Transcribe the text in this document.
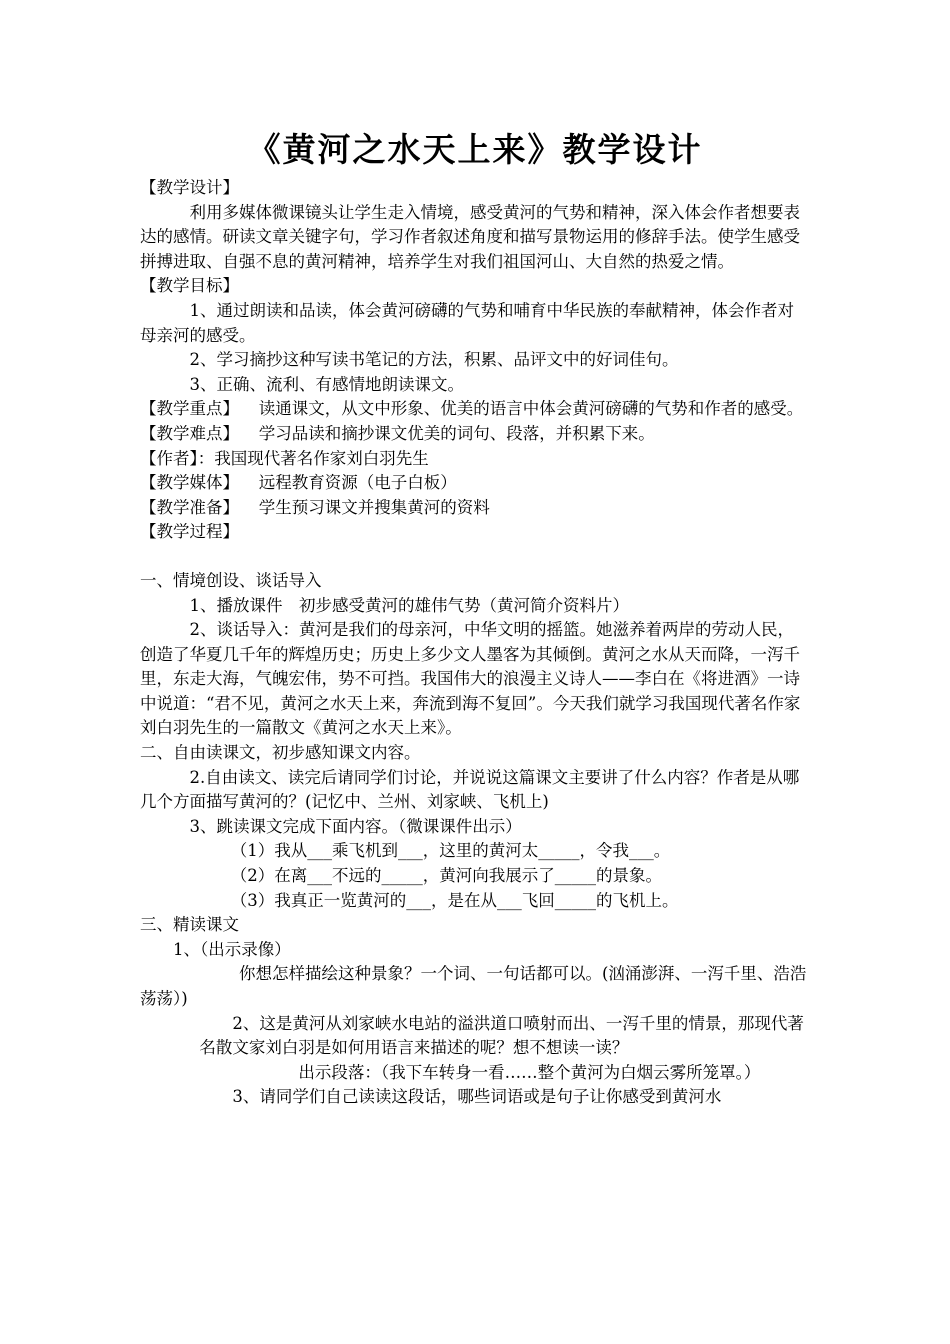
《黄河之水天上来》教学设计

【教学设计】

利用多媒体微课镜头让学生走入情境，感受黄河的气势和精神，深入体会作者想要表达的感情。研读文章关键字句，学习作者叙述角度和描写景物运用的修辞手法。使学生感受拼搏进取、自强不息的黄河精神，培养学生对我们祖国河山、大自然的热爱之情。

【教学目标】

1、通过朗读和品读，体会黄河磅礴的气势和哺育中华民族的奉献精神，体会作者对母亲河的感受。

2、学习摘抄这种写读书笔记的方法，积累、品评文中的好词佳句。

3、正确、流利、有感情地朗读课文。

【教学重点】 读通课文，从文中形象、优美的语言中体会黄河磅礴的气势和作者的感受。

【教学难点】 学习品读和摘抄课文优美的词句、段落，并积累下来。

【作者】：我国现代著名作家刘白羽先生

【教学媒体】 远程教育资源（电子白板）

【教学准备】 学生预习课文并搜集黄河的资料

【教学过程】

一、情境创设、谈话导入

1、播放课件　初步感受黄河的雄伟气势（黄河简介资料片）

2、谈话导入：黄河是我们的母亲河，中华文明的摇篮。她滋养着两岸的劳动人民，创造了华夏几千年的辉煌历史；历史上多少文人墨客为其倾倒。黄河之水从天而降，一泻千里，东走大海，气魄宏伟，势不可挡。我国伟大的浪漫主义诗人——李白在《将进酒》一诗中说道：“君不见，黄河之水天上来，奔流到海不复回”。今天我们就学习我国现代著名作家刘白羽先生的一篇散文《黄河之水天上来》。

二、自由读课文，初步感知课文内容。

2.自由读文、读完后请同学们讨论，并说说这篇课文主要讲了什么内容？作者是从哪几个方面描写黄河的？(记忆中、兰州、刘家峡、飞机上)

3、跳读课文完成下面内容。（微课课件出示）

（1）我从___乘飞机到___，这里的黄河太_____，令我___。

（2）在离___不远的_____，黄河向我展示了_____的景象。

（3）我真正一览黄河的___，是在从___飞回_____的飞机上。

三、精读课文

1、（出示录像）

你想怎样描绘这种景象？一个词、一句话都可以。(汹涌澎湃、一泻千里、浩浩荡荡）)

2、这是黄河从刘家峡水电站的溢洪道口喷射而出、一泻千里的情景，那现代著名散文家刘白羽是如何用语言来描述的呢？想不想读一读？

出示段落：（我下车转身一看……整个黄河为白烟云雾所笼罩。）

3、请同学们自己读读这段话，哪些词语或是句子让你感受到黄河水
